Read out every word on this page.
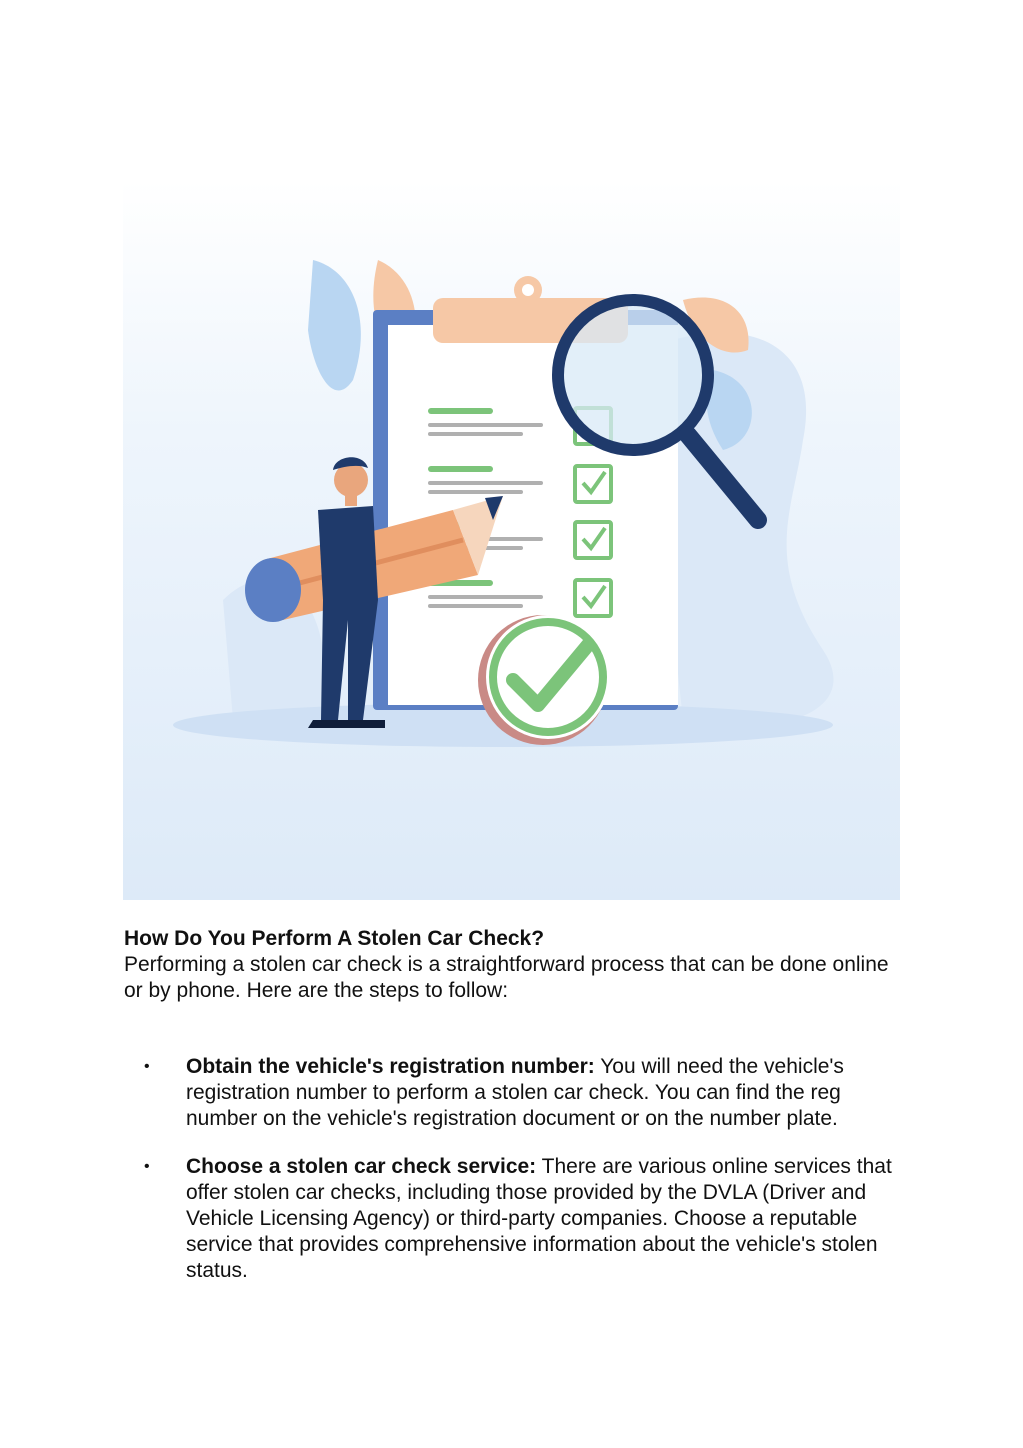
How Do You Perform A Stolen Car Check?

Performing a stolen car check is a straightforward process that can be done online or by phone. Here are the steps to follow:

• Obtain the vehicle's registration number: You will need the vehicle's registration number to perform a stolen car check. You can find the reg number on the vehicle's registration document or on the number plate.
• Choose a stolen car check service: There are various online services that offer stolen car checks, including those provided by the DVLA (Driver and Vehicle Licensing Agency) or third-party companies. Choose a reputable service that provides comprehensive information about the vehicle's stolen status.
